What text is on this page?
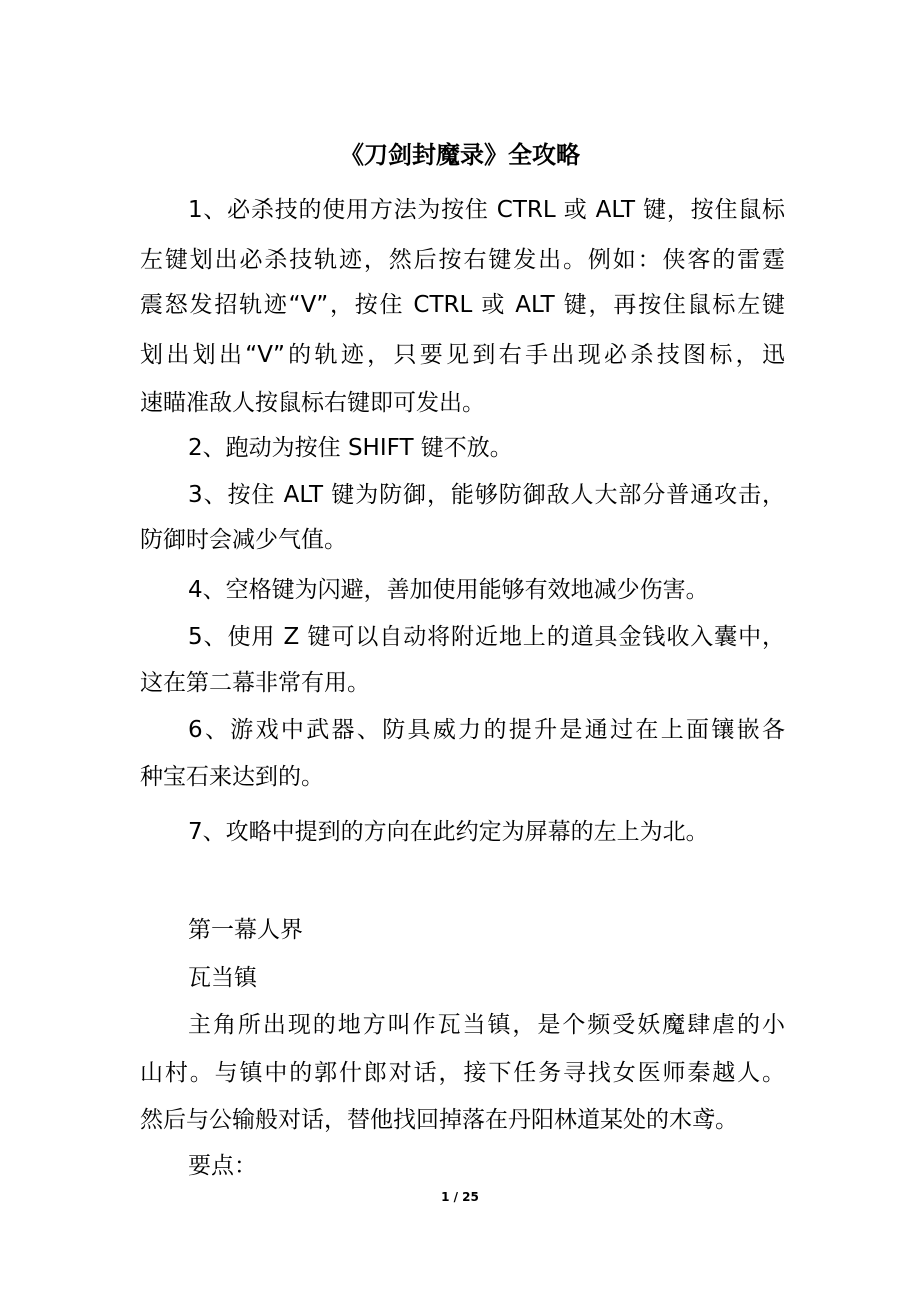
《刀剑封魔录》全攻略
1、必杀技的使用方法为按住 CTRL 或 ALT 键，按住鼠标
左键划出必杀技轨迹，然后按右键发出。例如：侠客的雷霆
震怒发招轨迹“V”，按住 CTRL 或 ALT 键，再按住鼠标左键
划出划出“V”的轨迹，只要见到右手出现必杀技图标，迅
速瞄准敌人按鼠标右键即可发出。
2、跑动为按住 SHIFT 键不放。
3、按住 ALT 键为防御，能够防御敌人大部分普通攻击，
防御时会减少气值。
4、空格键为闪避，善加使用能够有效地减少伤害。
5、使用 Z 键可以自动将附近地上的道具金钱收入囊中，
这在第二幕非常有用。
6、游戏中武器、防具威力的提升是通过在上面镶嵌各
种宝石来达到的。
7、攻略中提到的方向在此约定为屏幕的左上为北。
第一幕人界
瓦当镇
主角所出现的地方叫作瓦当镇，是个频受妖魔肆虐的小
山村。与镇中的郭什郎对话，接下任务寻找女医师秦越人。
然后与公输般对话，替他找回掉落在丹阳林道某处的木鸢。
要点：
1 / 25
